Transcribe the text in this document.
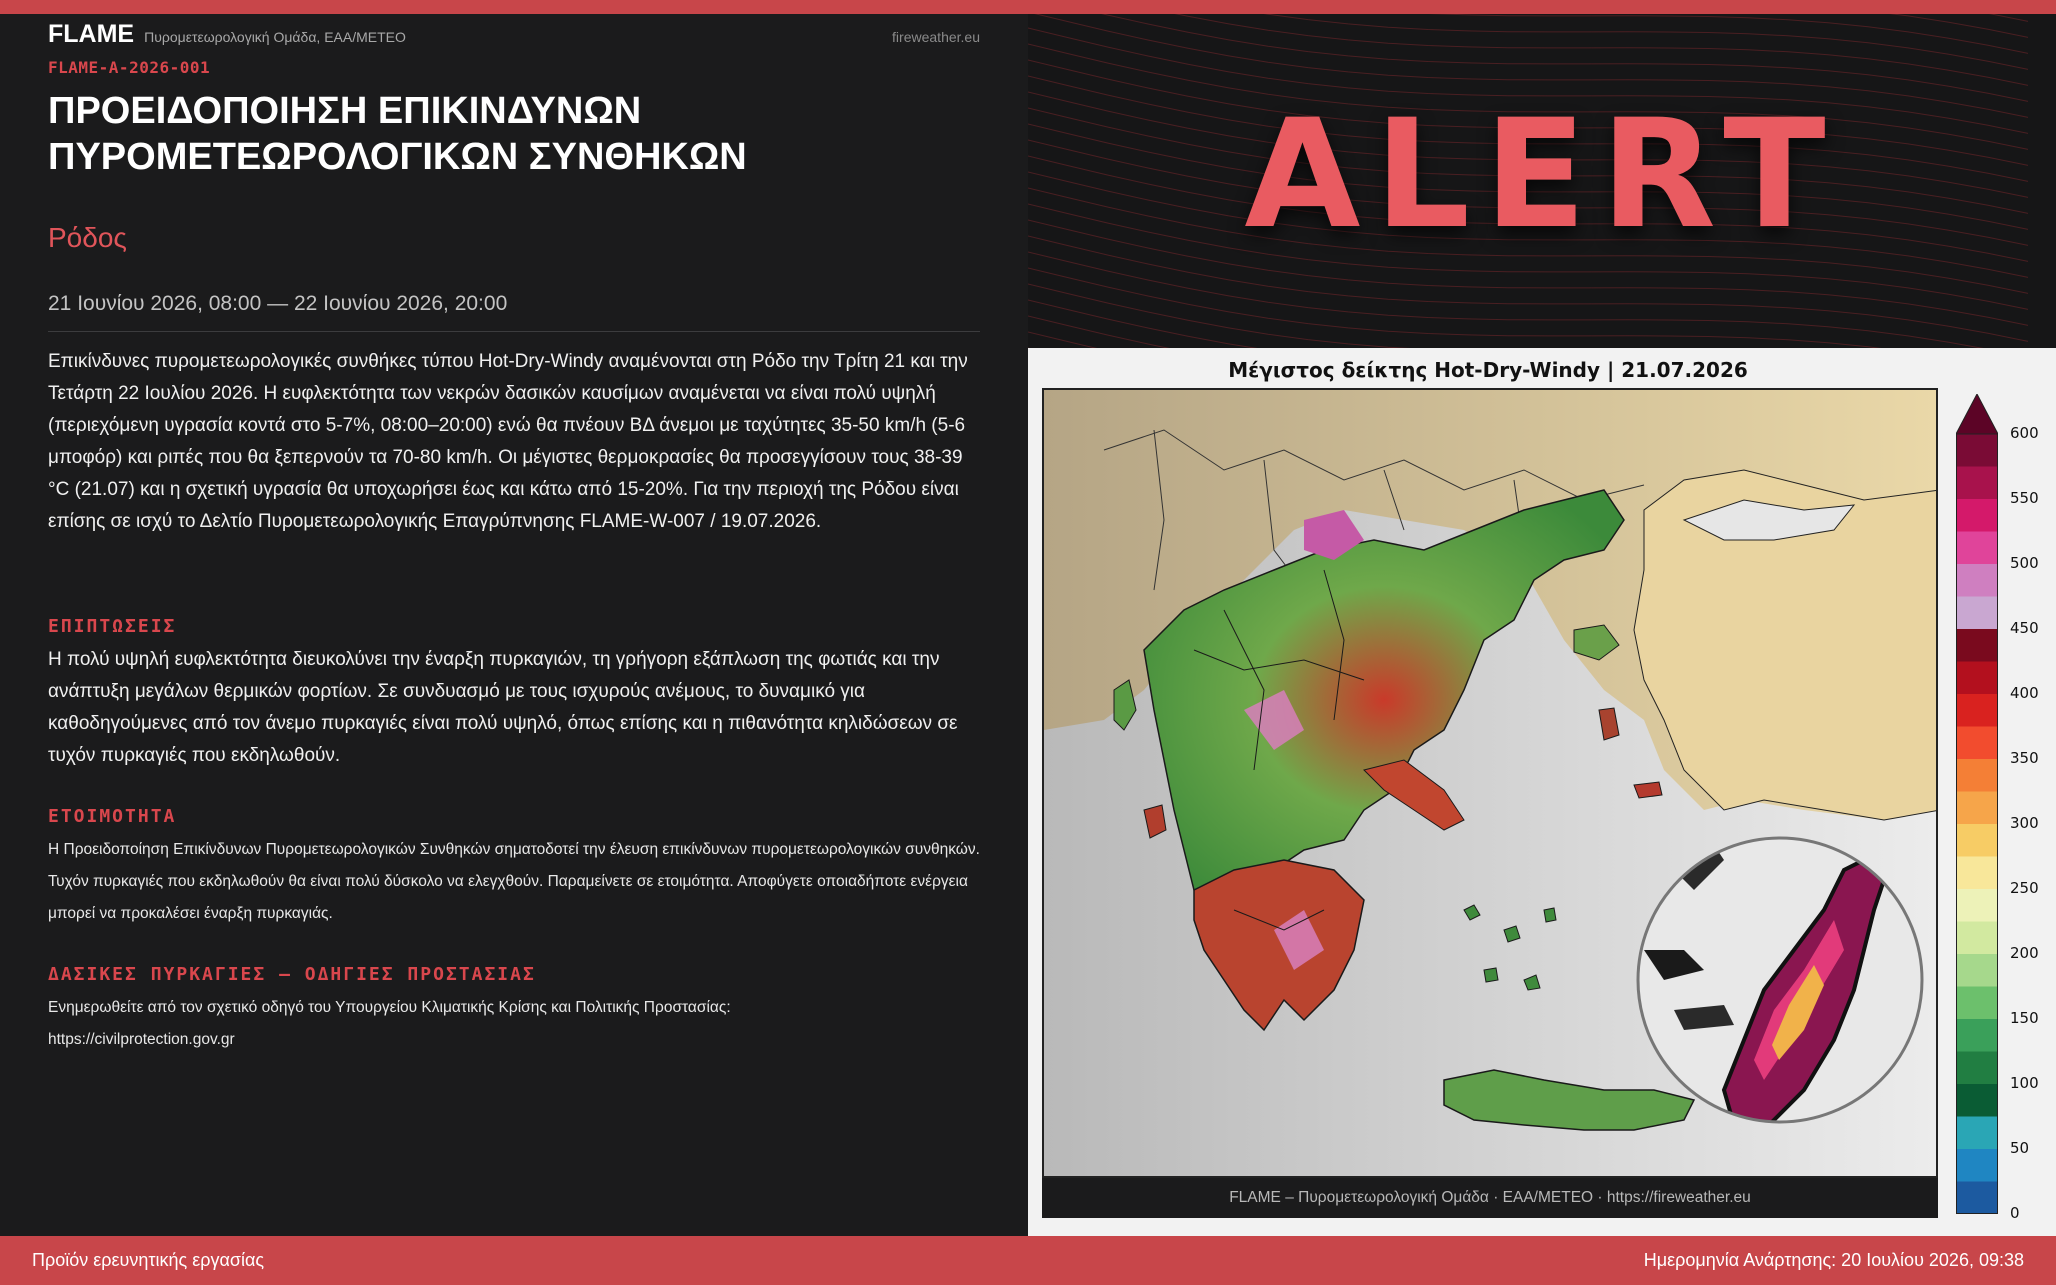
FLAME Πυρομετεωρολογική Ομάδα, ΕΑΑ/ΜΕΤΕΟ	fireweather.eu
FLAME-A-2026-001
ΠΡΟΕΙΔΟΠΟΙΗΣΗ ΕΠΙΚΙΝΔΥΝΩΝ ΠΥΡΟΜΕΤΕΩΡΟΛΟΓΙΚΩΝ ΣΥΝΘΗΚΩΝ
Ρόδος
21 Ιουνίου 2026, 08:00 — 22 Ιουνίου 2026, 20:00

Επικίνδυνες πυρομετεωρολογικές συνθήκες τύπου Hot-Dry-Windy αναμένονται στη Ρόδο την Τρίτη 21 και την Τετάρτη 22 Ιουλίου 2026. Η ευφλεκτότητα των νεκρών δασικών καυσίμων αναμένεται να είναι πολύ υψηλή (περιεχόμενη υγρασία κοντά στο 5-7%, 08:00–20:00) ενώ θα πνέουν ΒΔ άνεμοι με ταχύτητες 35-50 km/h (5-6 μποφόρ) και ριπές που θα ξεπερνούν τα 70-80 km/h. Οι μέγιστες θερμοκρασίες θα προσεγγίσουν τους 38-39 °C (21.07) και η σχετική υγρασία θα υποχωρήσει έως και κάτω από 15-20%. Για την περιοχή της Ρόδου είναι επίσης σε ισχύ το Δελτίο Πυρομετεωρολογικής Επαγρύπνησης FLAME-W-007 / 19.07.2026.

ΕΠΙΠΤΩΣΕΙΣ

Η πολύ υψηλή ευφλεκτότητα διευκολύνει την έναρξη πυρκαγιών, τη γρήγορη εξάπλωση της φωτιάς και την ανάπτυξη μεγάλων θερμικών φορτίων. Σε συνδυασμό με τους ισχυρούς ανέμους, το δυναμικό για καθοδηγούμενες από τον άνεμο πυρκαγιές είναι πολύ υψηλό, όπως επίσης και η πιθανότητα κηλιδώσεων σε τυχόν πυρκαγιές που εκδηλωθούν.

ΕΤΟΙΜΟΤΗΤΑ

Η Προειδοποίηση Επικίνδυνων Πυρομετεωρολογικών Συνθηκών σηματοδοτεί την έλευση επικίνδυνων πυρομετεωρολογικών συνθηκών. Τυχόν πυρκαγιές που εκδηλωθούν θα είναι πολύ δύσκολο να ελεγχθούν. Παραμείνετε σε ετοιμότητα. Αποφύγετε οποιαδήποτε ενέργεια μπορεί να προκαλέσει έναρξη πυρκαγιάς.

ΔΑΣΙΚΕΣ ΠΥΡΚΑΓΙΕΣ – ΟΔΗΓΙΕΣ ΠΡΟΣΤΑΣΙΑΣ
Ενημερωθείτε από τον σχετικό οδηγό του Υπουργείου Κλιματικής Κρίσης και Πολιτικής Προστασίας:
https://civilprotection.gov.gr
ALERT
Μέγιστος δείκτης Hot-Dry-Windy | 21.07.2026
FLAME – Πυρομετεωρολογική Ομάδα · ΕΑΑ/ΜΕΤΕΟ · https://fireweather.eu
600
550
500
450
400
350
300
250
200
150
100
50
0
Προϊόν ερευνητικής εργασίας	Ημερομηνία Ανάρτησης: 20 Ιουλίου 2026, 09:38
